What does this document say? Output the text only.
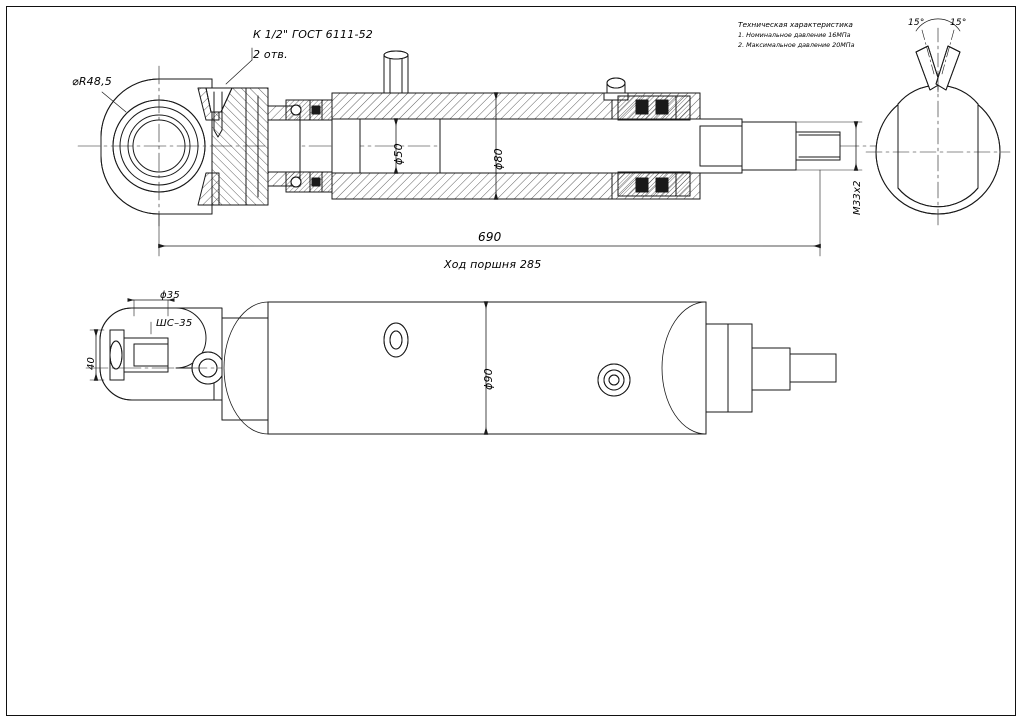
К 1/2" ГОСТ 6111-52
2 отв.
⌀R48,5
ϕ50	ϕ80
М33х2
690
Ход поршня 285
ϕ35
ШС–35
40
ϕ90
15°	15°
Техническая характеристика
1. Номинальное давление 16МПа
2. Максимальное давление 20МПа
